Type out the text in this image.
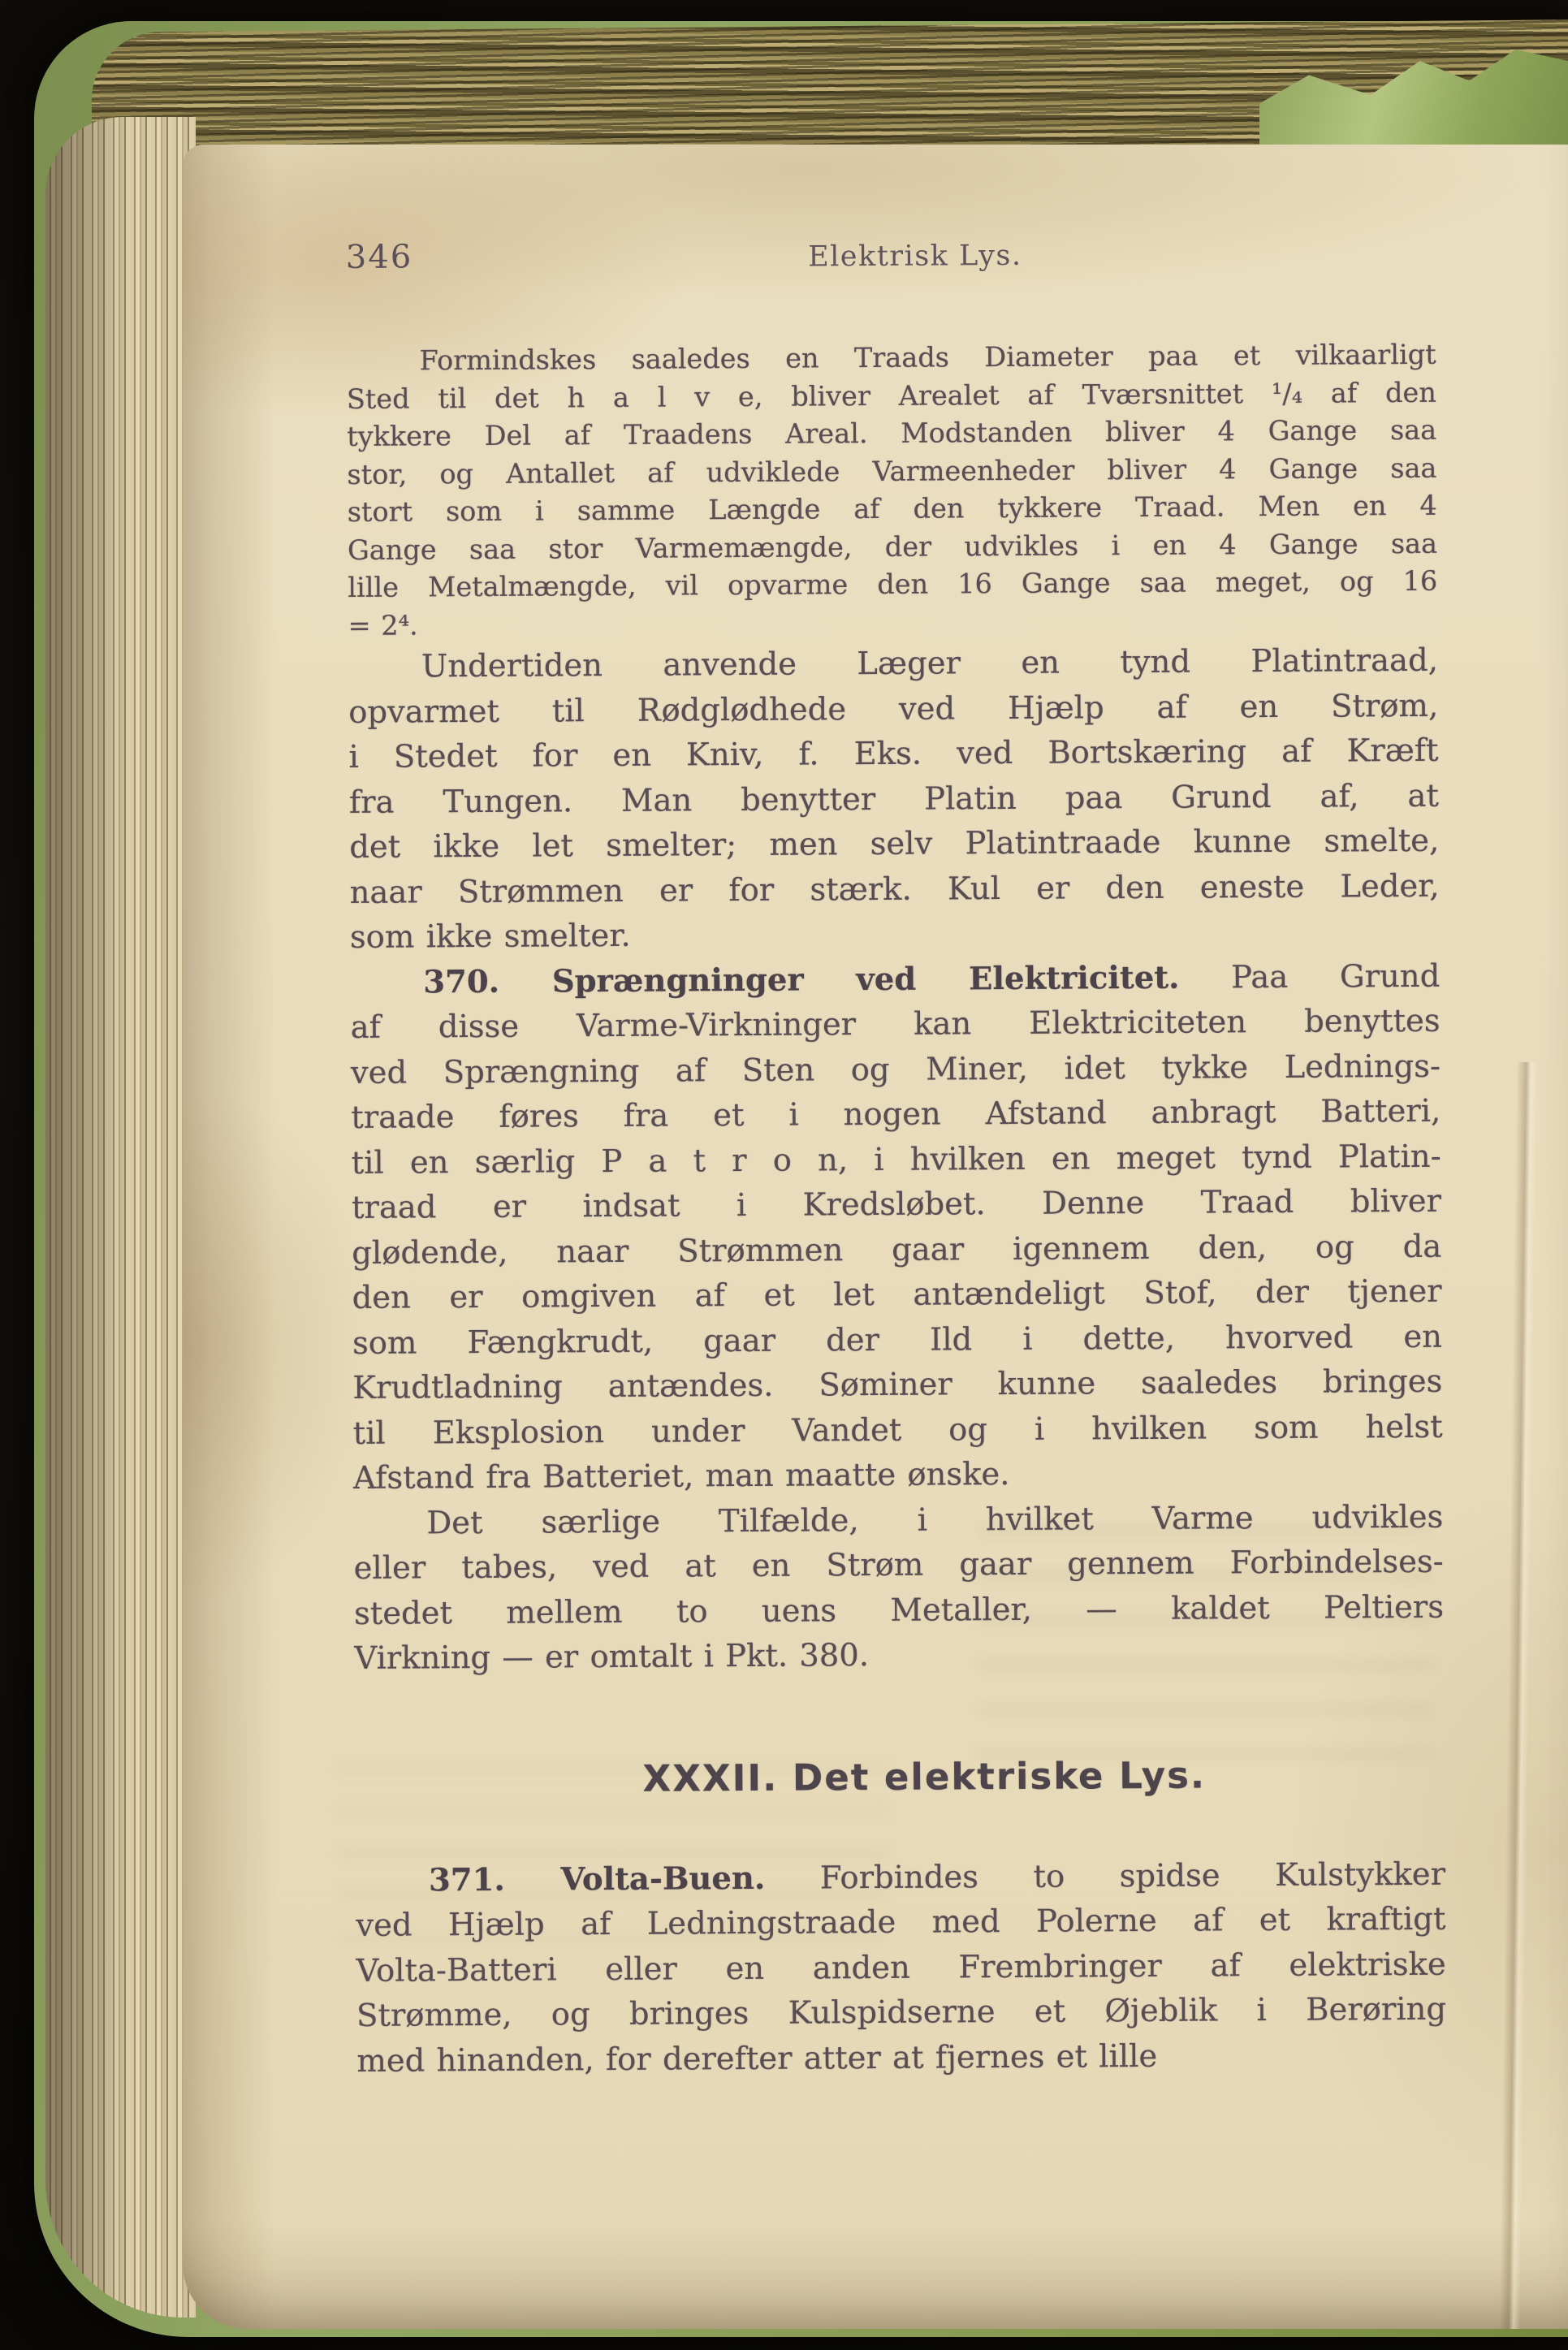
346	Elektrisk Lys.
Formindskes saaledes en Traads Diameter paa et vilkaarligt
Sted til det h a l v e, bliver Arealet af Tværsnittet ¹/₄ af den
tykkere Del af Traadens Areal. Modstanden bliver 4 Gange saa
stor, og Antallet af udviklede Varmeenheder bliver 4 Gange saa
stort som i samme Længde af den tykkere Traad. Men en 4
Gange saa stor Varmemængde, der udvikles i en 4 Gange saa
lille Metalmængde, vil opvarme den 16 Gange saa meget, og 16
= 2⁴.
Undertiden anvende Læger en tynd Platintraad,
opvarmet til Rødglødhede ved Hjælp af en Strøm,
i Stedet for en Kniv, f. Eks. ved Bortskæring af Kræft
fra Tungen. Man benytter Platin paa Grund af, at
det ikke let smelter; men selv Platintraade kunne smelte,
naar Strømmen er for stærk. Kul er den eneste Leder,
som ikke smelter.
370. Sprængninger ved Elektricitet. Paa Grund
af disse Varme-Virkninger kan Elektriciteten benyttes
ved Sprængning af Sten og Miner, idet tykke Lednings-
traade føres fra et i nogen Afstand anbragt Batteri,
til en særlig P a t r o n, i hvilken en meget tynd Platin-
traad er indsat i Kredsløbet. Denne Traad bliver
glødende, naar Strømmen gaar igennem den, og da
den er omgiven af et let antændeligt Stof, der tjener
som Fængkrudt, gaar der Ild i dette, hvorved en
Krudtladning antændes. Søminer kunne saaledes bringes
til Eksplosion under Vandet og i hvilken som helst
Afstand fra Batteriet, man maatte ønske.
Det særlige Tilfælde, i hvilket Varme udvikles
eller tabes, ved at en Strøm gaar gennem Forbindelses-
stedet mellem to uens Metaller, — kaldet Peltiers
Virkning — er omtalt i Pkt. 380.
XXXII. Det elektriske Lys.
371. Volta-Buen. Forbindes to spidse Kulstykker
ved Hjælp af Ledningstraade med Polerne af et kraftigt
Volta-Batteri eller en anden Frembringer af elektriske
Strømme, og bringes Kulspidserne et Øjeblik i Berøring
med hinanden, for derefter atter at fjernes et lille
